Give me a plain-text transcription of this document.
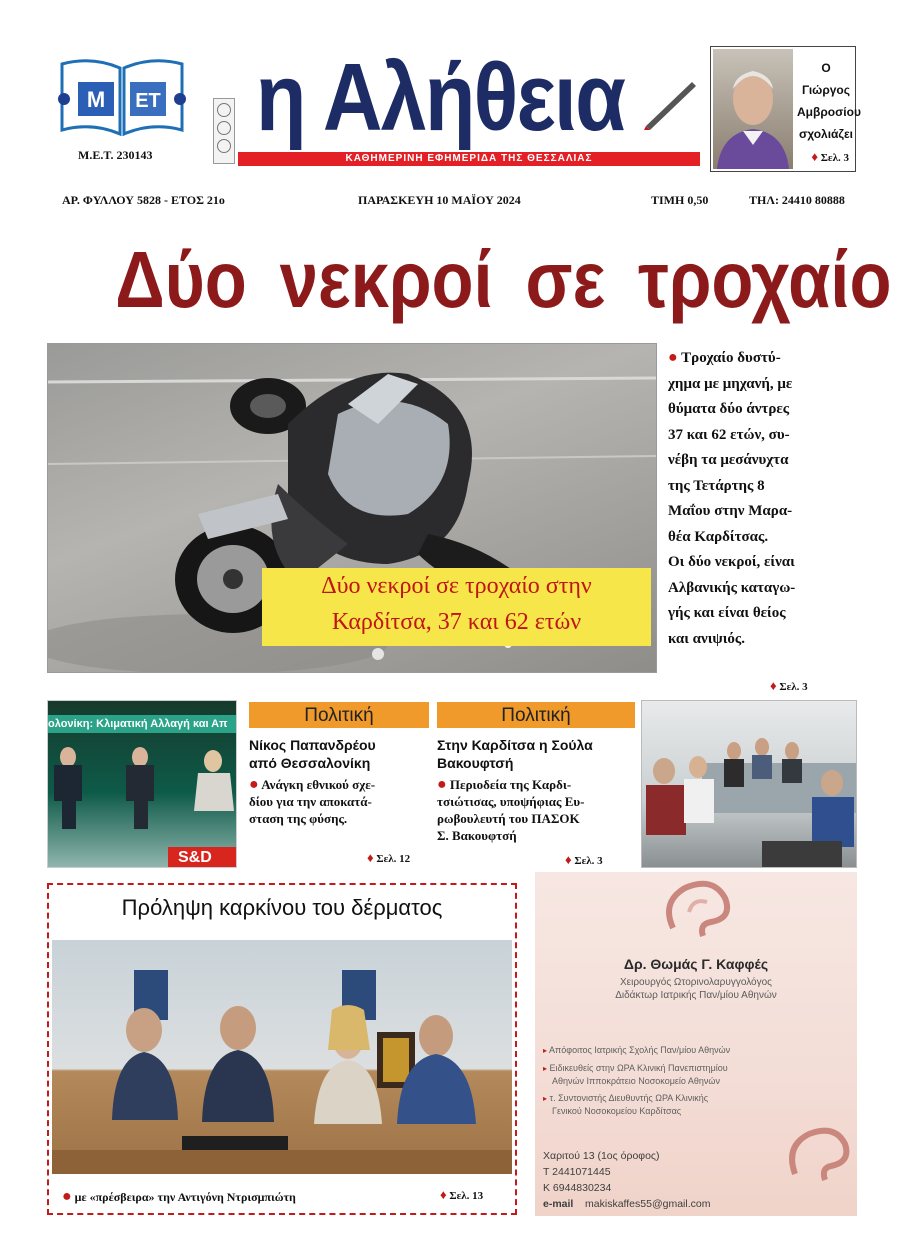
M ET
Μ.Ε.Τ. 230143
η Αλήθεια
ΚΑΘΗΜΕΡΙΝΗ ΕΦΗΜΕΡΙΔΑ ΤΗΣ ΘΕΣΣΑΛΙΑΣ
Ο Γιώργος
Αμβροσίου
σχολιάζει
♦ Σελ. 3
ΑΡ. ΦΥΛΛΟΥ 5828 - ΕΤΟΣ 21ο	ΠΑΡΑΣΚΕΥΗ 10 ΜΑΪΟΥ 2024	ΤΙΜΗ 0,50	ΤΗΛ: 24410 80888
Δύο νεκροί σε τροχαίο
Δύο νεκροί σε τροχαίο στην
Καρδίτσα, 37 και 62 ετών
● Τροχαίο δυστύ-
χημα με μηχανή, με
θύματα δύο άντρες
37 και 62 ετών, συ-
νέβη τα μεσάνυχτα
της Τετάρτης 8
Μαΐου στην Μαρα-
θέα Καρδίτσας.
Οι δύο νεκροί, είναι
Αλβανικής καταγω-
γής και είναι θείος
και ανιψιός.
♦ Σελ. 3
ολονίκη: Κλιματική Αλλαγή και Απ
S&D
Πολιτική
Νίκος Παπανδρέου
από Θεσσαλονίκη
● Ανάγκη εθνικού σχε-
δίου για την αποκατά-
σταση της φύσης.
♦ Σελ. 12
Πολιτική
Στην Καρδίτσα η Σούλα
Βακουφτσή
● Περιοδεία της Καρδι-
τσιώτισας, υποψήφιας Ευ-
ρωβουλευτή του ΠΑΣΟΚ
Σ. Βακουφτσή
♦ Σελ. 3
Πρόληψη καρκίνου του δέρματος
● με «πρέσβειρα» την Αντιγόνη Ντρισμπιώτη	♦ Σελ. 13
Δρ. Θωμάς Γ. Καφφές
Χειρουργός Ωτορινολαρυγγολόγος
Διδάκτωρ Ιατρικής Παν/μίου Αθηνών
▸ Απόφοιτος Ιατρικής Σχολής Παν/μίου Αθηνών
▸ Ειδικευθείς στην ΩΡΑ Κλινική Πανεπιστημίου
Αθηνών Ιπποκράτειο Νοσοκομείο Αθηνών
▸ τ. Συντονιστής Διευθυντής ΩΡΑ Κλινικής
Γενικού Νοσοκομείου Καρδίτσας
Χαριτού 13 (1ος όροφος)
Τ 2441071445
Κ 6944830234
e-mail makiskaffes55@gmail.com
